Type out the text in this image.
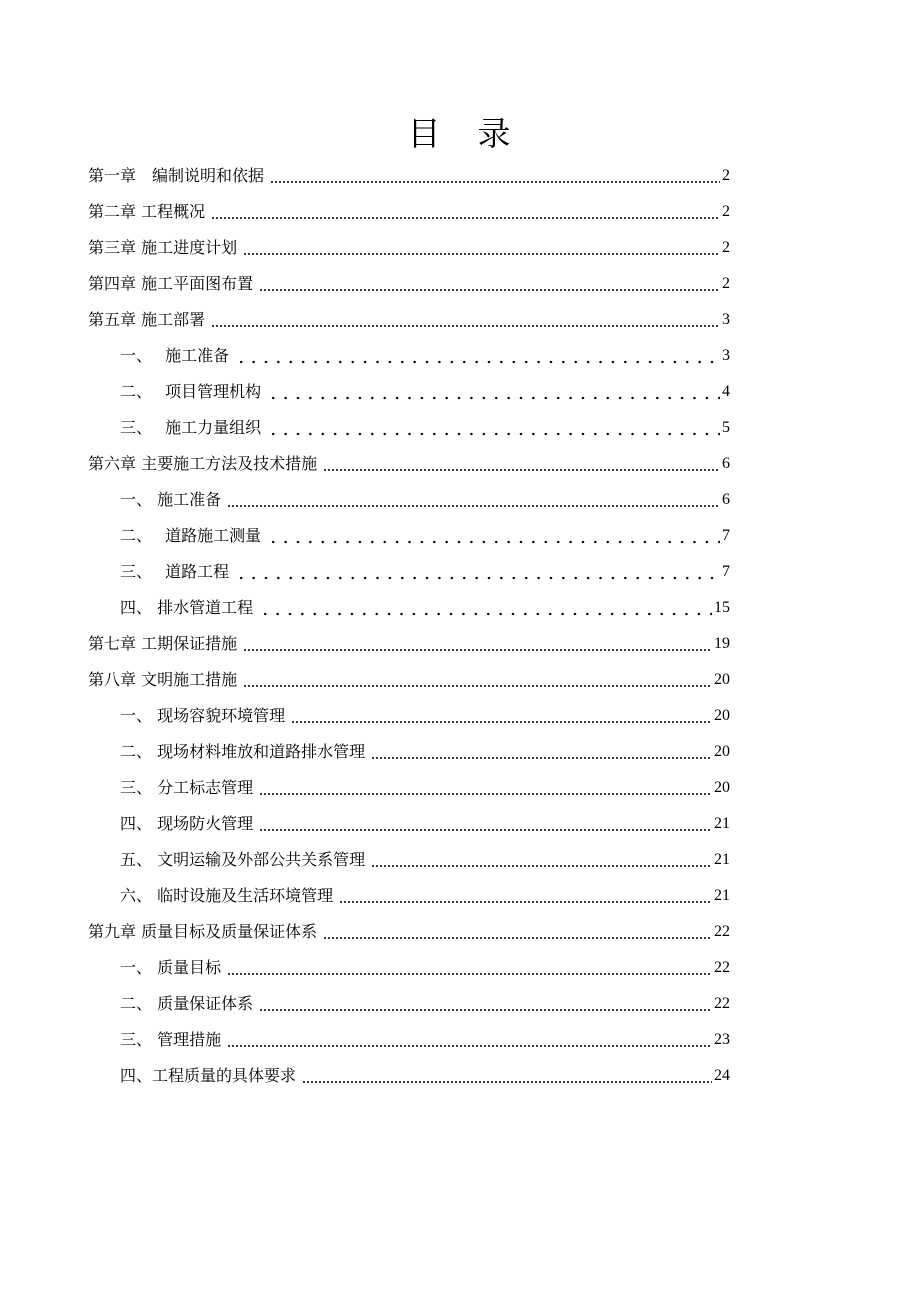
目　录
第一章　编制说明和依据	2
第二章 工程概况	2
第三章 施工进度计划	2
第四章 施工平面图布置	2
第五章 施工部署	3
一、　 施工准备	3
二、　 项目管理机构	4
三、　 施工力量组织	5
第六章 主要施工方法及技术措施	6
一、 施工准备	6
二、　 道路施工测量	7
三、　 道路工程	7
四、 排水管道工程	15
第七章 工期保证措施	19
第八章 文明施工措施	20
一、 现场容貌环境管理	20
二、 现场材料堆放和道路排水管理	20
三、 分工标志管理	20
四、 现场防火管理	21
五、 文明运输及外部公共关系管理	21
六、 临时设施及生活环境管理	21
第九章 质量目标及质量保证体系	22
一、 质量目标	22
二、 质量保证体系	22
三、 管理措施	23
四、工程质量的具体要求	24
